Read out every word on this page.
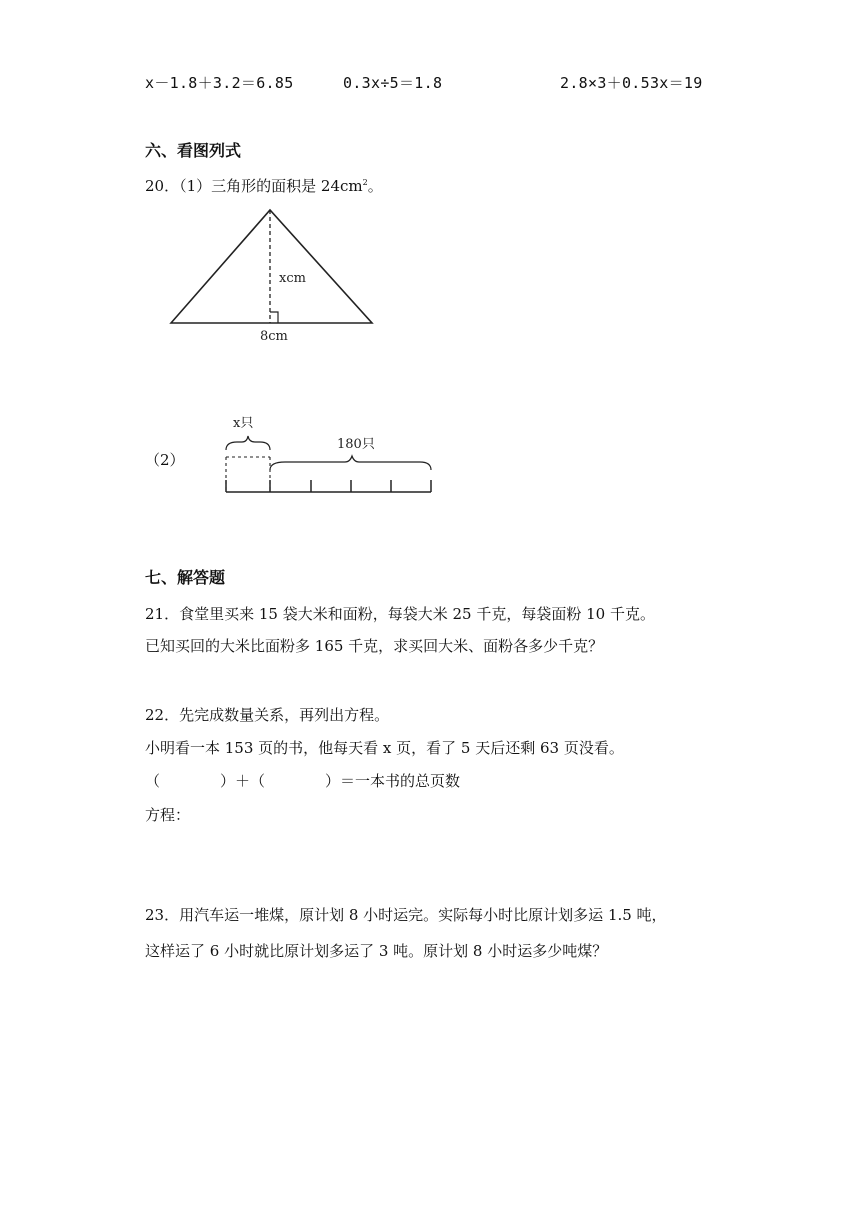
x－1.8＋3.2＝6.85	0.3x÷5＝1.8	2.8×3＋0.53x＝19
六、看图列式
20．（1）三角形的面积是 $24cm^2$。
xcm
8cm
（2）
x只
180只
七、解答题
21．食堂里买来 15 袋大米和面粉，每袋大米 25 千克，每袋面粉 10 千克。
已知买回的大米比面粉多 165 千克，求买回大米、面粉各多少千克？
22．先完成数量关系，再列出方程。
小明看一本 153 页的书，他每天看 x 页，看了 5 天后还剩 63 页没看。
（　　　　）＋（　　　　）＝一本书的总页数
方程：
23．用汽车运一堆煤，原计划 8 小时运完。实际每小时比原计划多运 1.5 吨，
这样运了 6 小时就比原计划多运了 3 吨。原计划 8 小时运多少吨煤？
